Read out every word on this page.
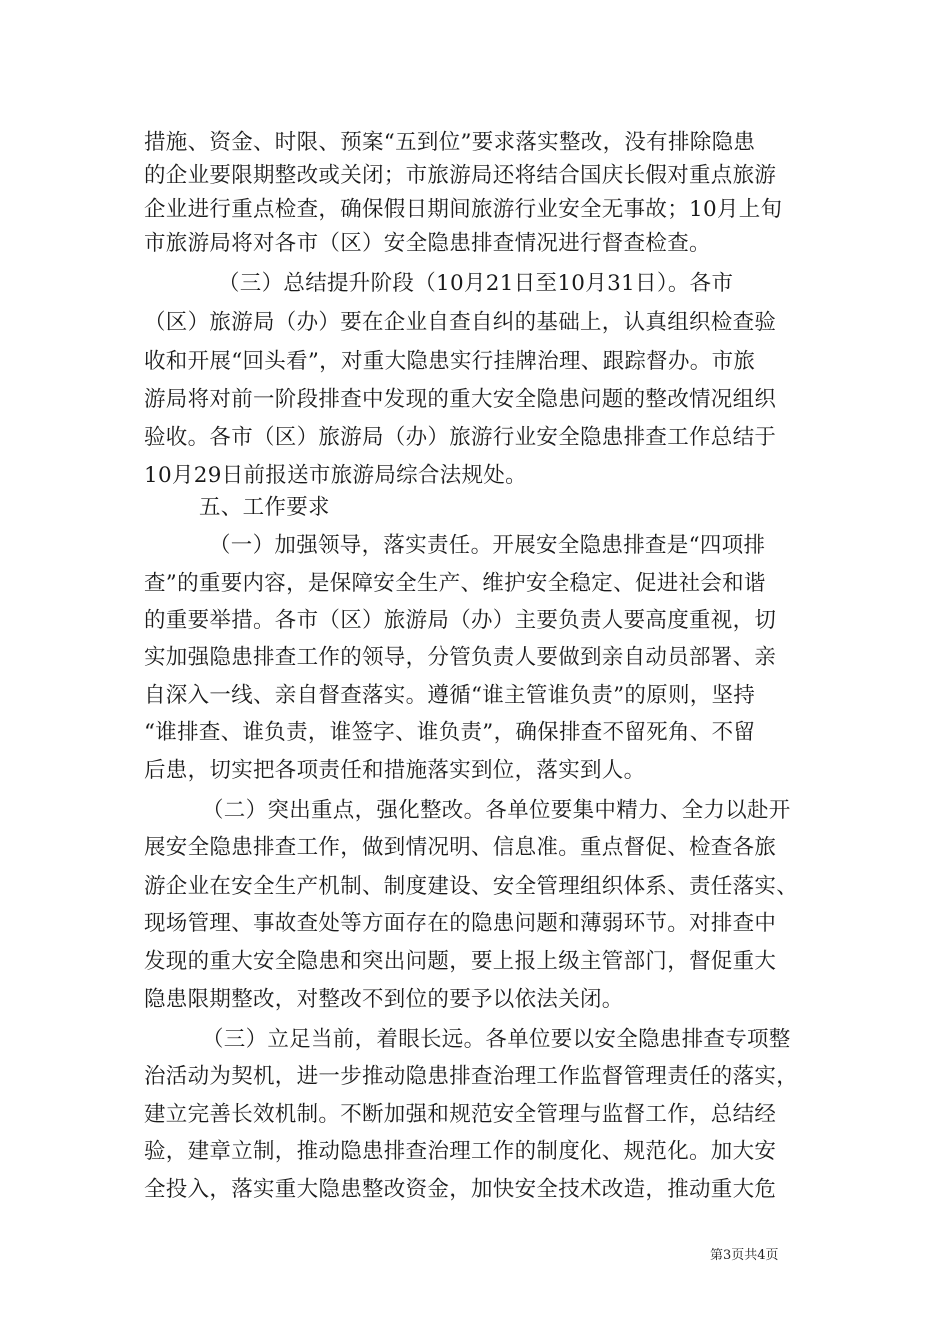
措施、资金、时限、预案“五到位”要求落实整改，没有排除隐患
的企业要限期整改或关闭；市旅游局还将结合国庆长假对重点旅游
企业进行重点检查，确保假日期间旅游行业安全无事故；10月上旬
市旅游局将对各市（区）安全隐患排查情况进行督查检查。
（三）总结提升阶段（10月21日至10月31日）。各市
（区）旅游局（办）要在企业自查自纠的基础上，认真组织检查验
收和开展“回头看”，对重大隐患实行挂牌治理、跟踪督办。市旅
游局将对前一阶段排查中发现的重大安全隐患问题的整改情况组织
验收。各市（区）旅游局（办）旅游行业安全隐患排查工作总结于
10月29日前报送市旅游局综合法规处。
五、工作要求
（一）加强领导，落实责任。开展安全隐患排查是“四项排
查”的重要内容，是保障安全生产、维护安全稳定、促进社会和谐
的重要举措。各市（区）旅游局（办）主要负责人要高度重视，切
实加强隐患排查工作的领导，分管负责人要做到亲自动员部署、亲
自深入一线、亲自督查落实。遵循“谁主管谁负责”的原则，坚持
“谁排查、谁负责，谁签字、谁负责”，确保排查不留死角、不留
后患，切实把各项责任和措施落实到位，落实到人。
（二）突出重点，强化整改。各单位要集中精力、全力以赴开
展安全隐患排查工作，做到情况明、信息准。重点督促、检查各旅
游企业在安全生产机制、制度建设、安全管理组织体系、责任落实、
现场管理、事故查处等方面存在的隐患问题和薄弱环节。对排查中
发现的重大安全隐患和突出问题，要上报上级主管部门，督促重大
隐患限期整改，对整改不到位的要予以依法关闭。
（三）立足当前，着眼长远。各单位要以安全隐患排查专项整
治活动为契机，进一步推动隐患排查治理工作监督管理责任的落实，
建立完善长效机制。不断加强和规范安全管理与监督工作，总结经
验，建章立制，推动隐患排查治理工作的制度化、规范化。加大安
全投入，落实重大隐患整改资金，加快安全技术改造，推动重大危
第3页共4页
